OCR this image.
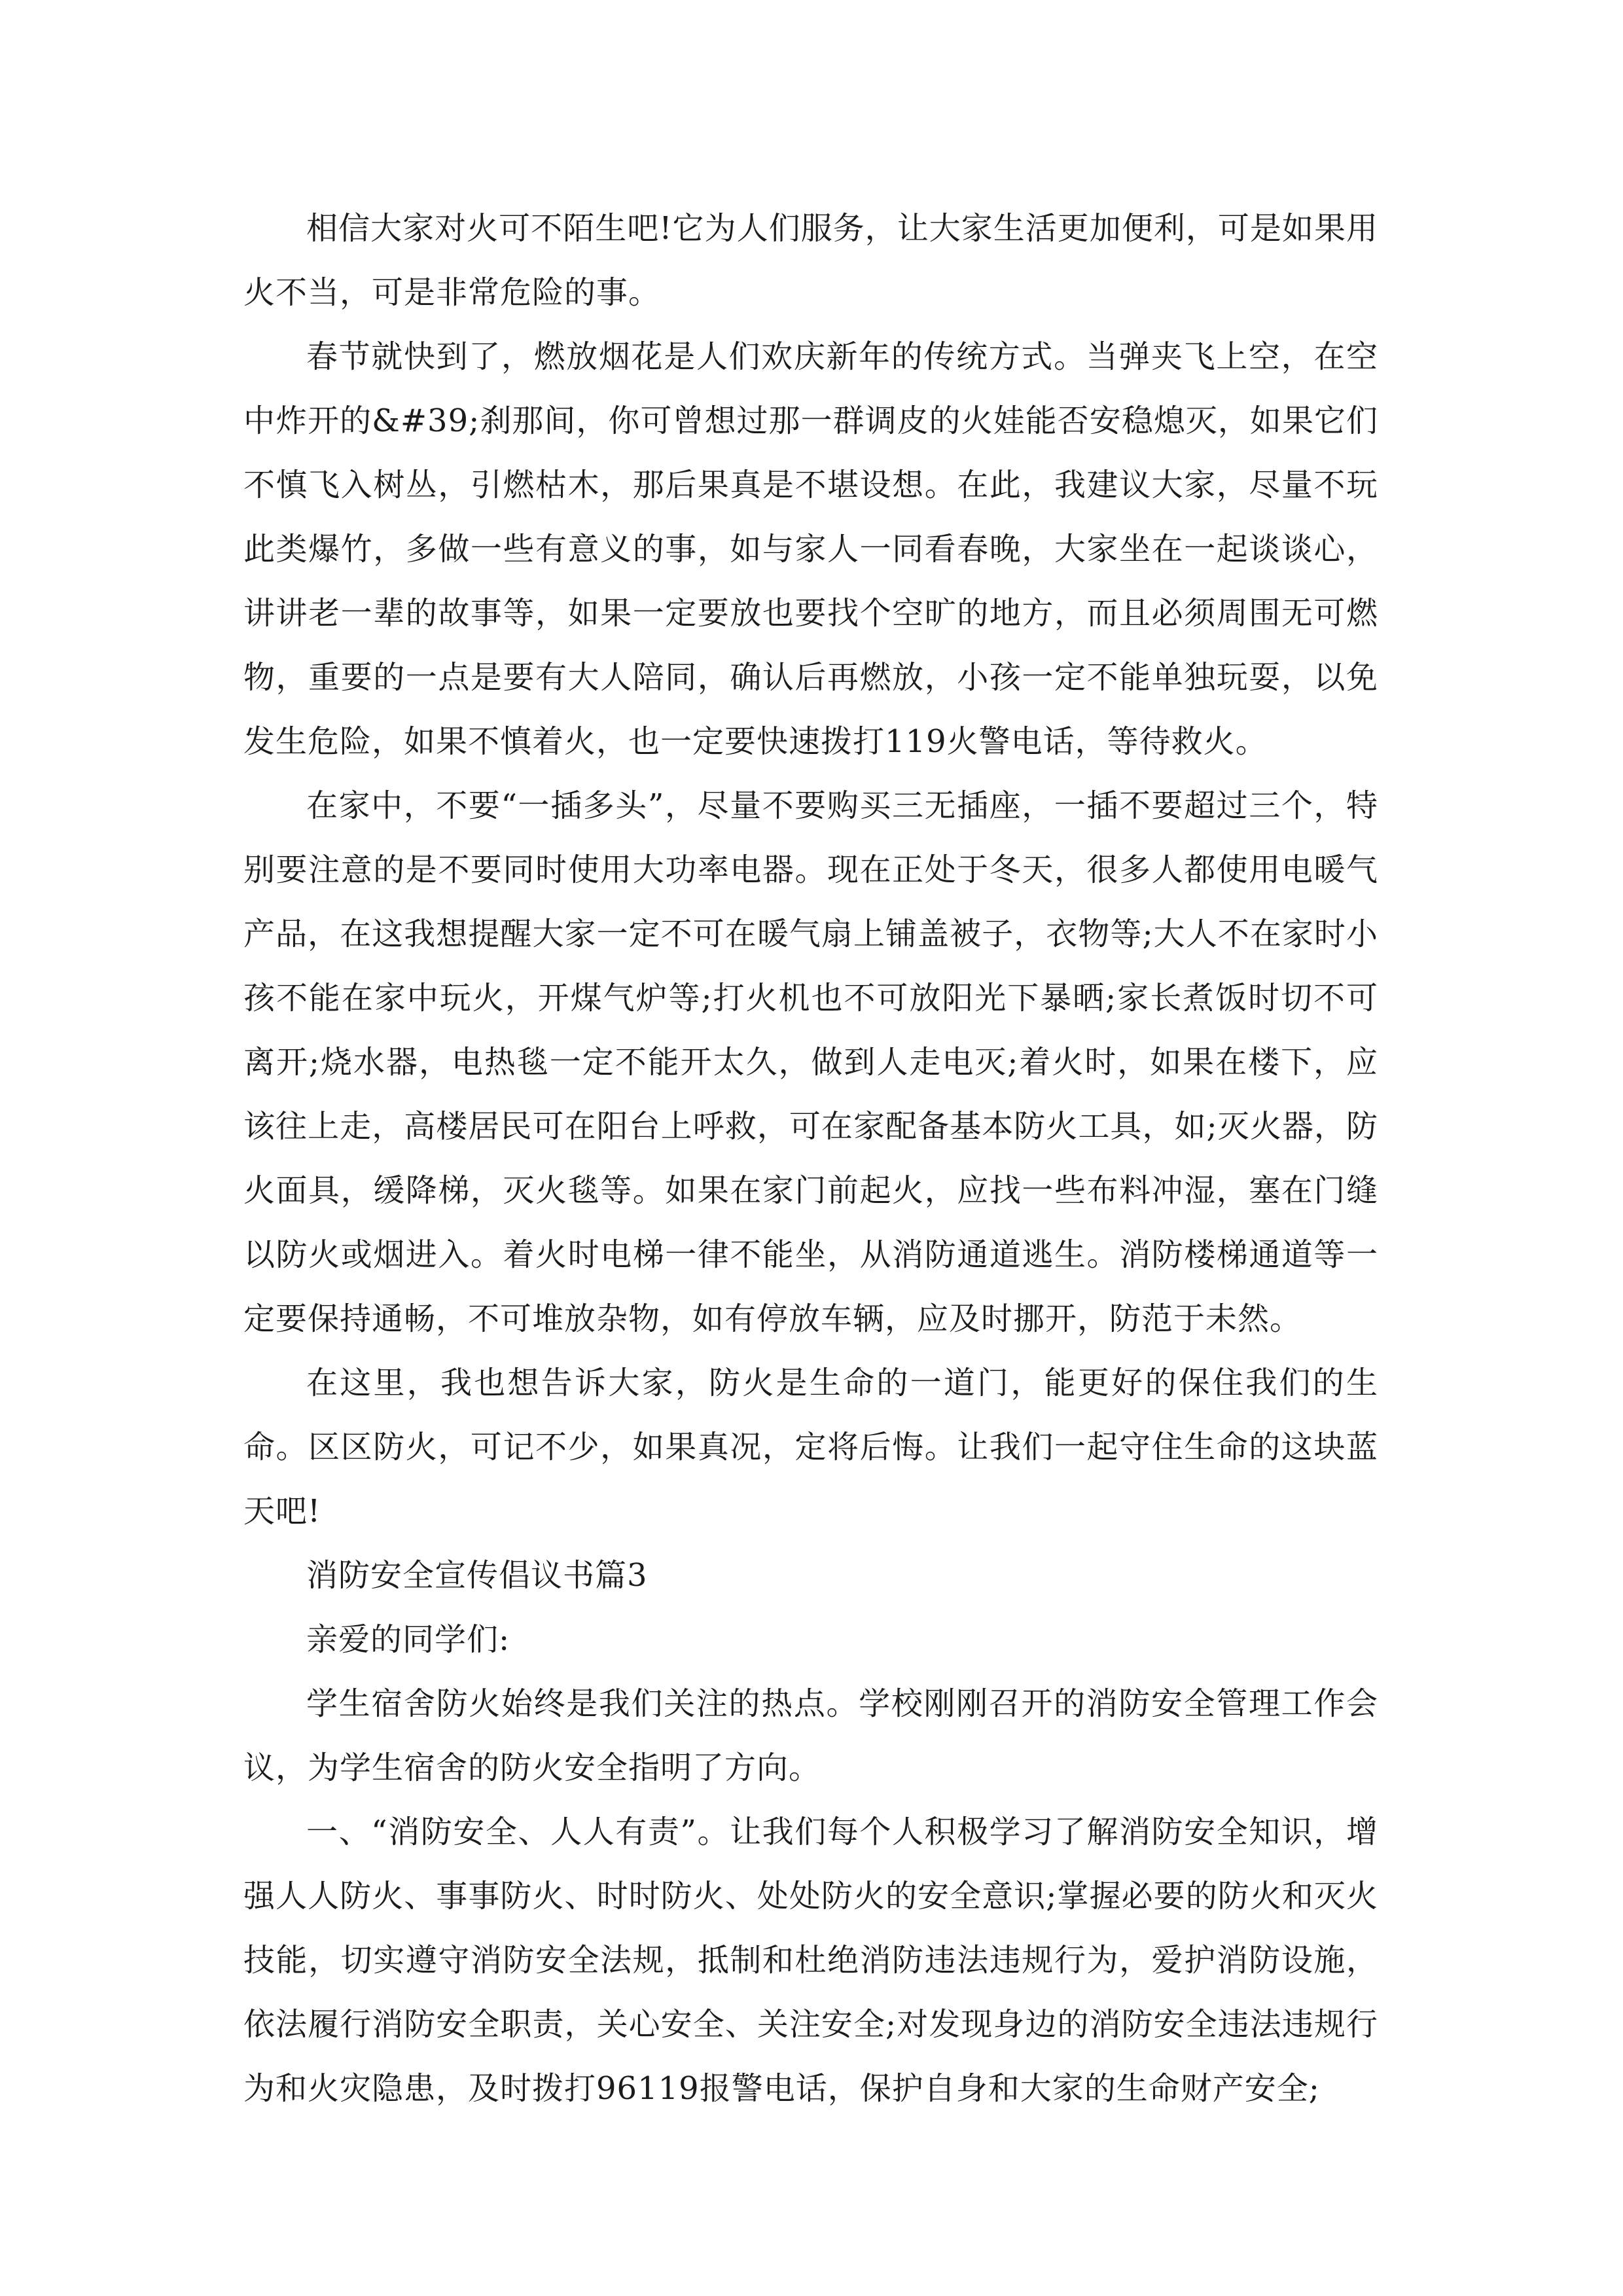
相信大家对火可不陌生吧!它为人们服务，让大家生活更加便利，可是如果用火不当，可是非常危险的事。

春节就快到了，燃放烟花是人们欢庆新年的传统方式。当弹夹飞上空，在空中炸开的&#39;刹那间，你可曾想过那一群调皮的火娃能否安稳熄灭，如果它们不慎飞入树丛，引燃枯木，那后果真是不堪设想。在此，我建议大家，尽量不玩此类爆竹，多做一些有意义的事，如与家人一同看春晚，大家坐在一起谈谈心，讲讲老一辈的故事等，如果一定要放也要找个空旷的地方，而且必须周围无可燃物，重要的一点是要有大人陪同，确认后再燃放，小孩一定不能单独玩耍，以免发生危险，如果不慎着火，也一定要快速拨打119火警电话，等待救火。

在家中，不要“一插多头”，尽量不要购买三无插座，一插不要超过三个，特别要注意的是不要同时使用大功率电器。现在正处于冬天，很多人都使用电暖气产品，在这我想提醒大家一定不可在暖气扇上铺盖被子，衣物等;大人不在家时小孩不能在家中玩火，开煤气炉等;打火机也不可放阳光下暴晒;家长煮饭时切不可离开;烧水器，电热毯一定不能开太久，做到人走电灭;着火时，如果在楼下，应该往上走，高楼居民可在阳台上呼救，可在家配备基本防火工具，如;灭火器，防火面具，缓降梯，灭火毯等。如果在家门前起火，应找一些布料冲湿，塞在门缝以防火或烟进入。着火时电梯一律不能坐，从消防通道逃生。消防楼梯通道等一定要保持通畅，不可堆放杂物，如有停放车辆，应及时挪开，防范于未然。

在这里，我也想告诉大家，防火是生命的一道门，能更好的保住我们的生命。区区防火，可记不少，如果真况，定将后悔。让我们一起守住生命的这块蓝天吧!

消防安全宣传倡议书篇3

亲爱的同学们:

学生宿舍防火始终是我们关注的热点。学校刚刚召开的消防安全管理工作会议，为学生宿舍的防火安全指明了方向。

一、“消防安全、人人有责”。让我们每个人积极学习了解消防安全知识，增强人人防火、事事防火、时时防火、处处防火的安全意识;掌握必要的防火和灭火技能，切实遵守消防安全法规，抵制和杜绝消防违法违规行为，爱护消防设施，依法履行消防安全职责，关心安全、关注安全;对发现身边的消防安全违法违规行为和火灾隐患，及时拨打96119报警电话，保护自身和大家的生命财产安全;
